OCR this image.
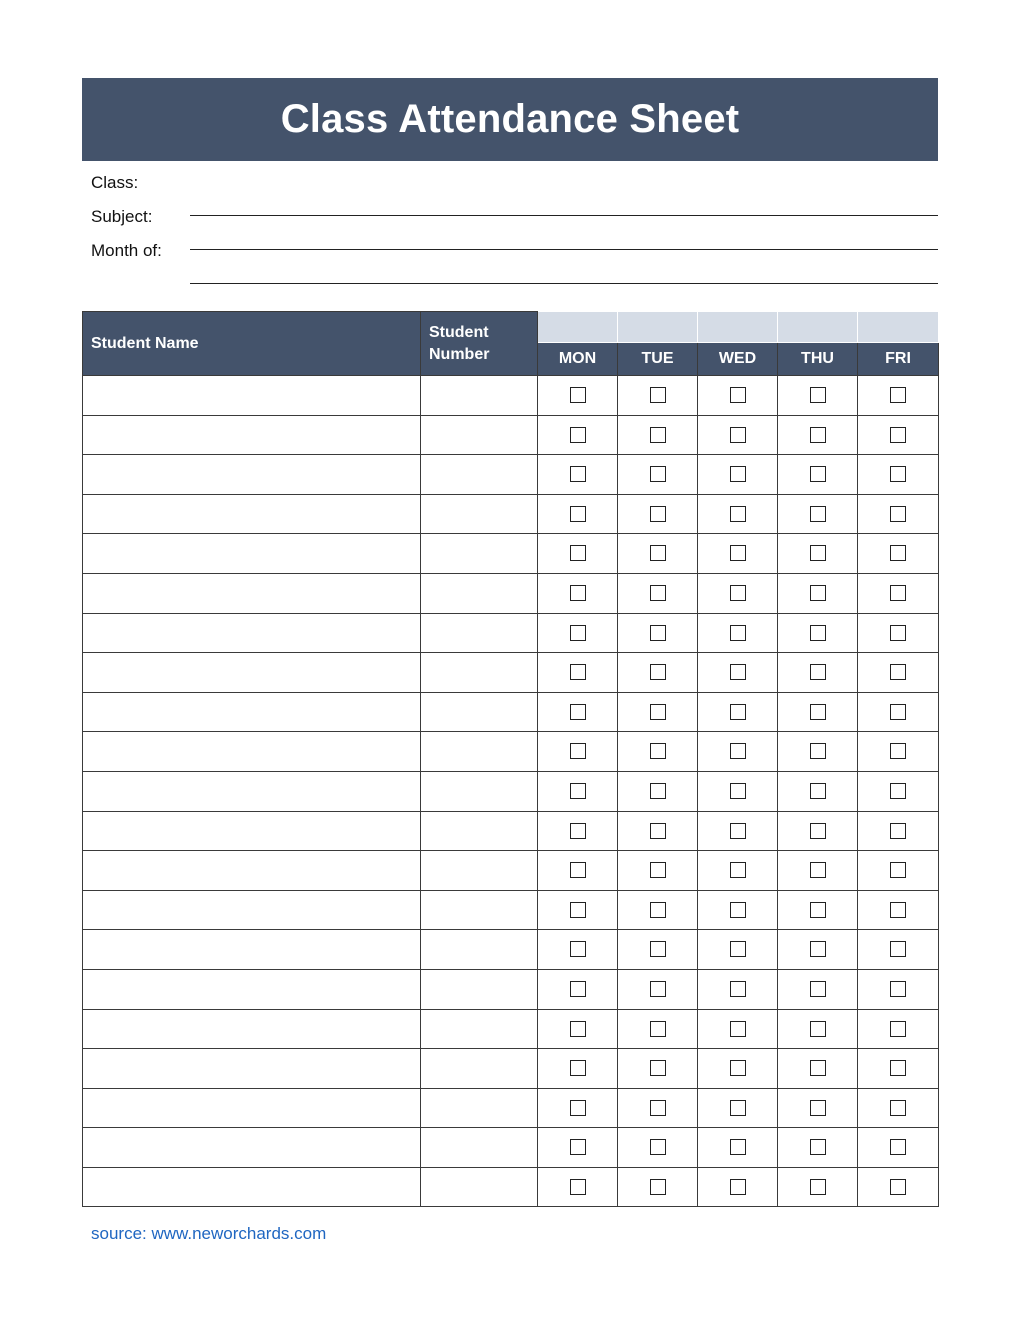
Class Attendance Sheet
Class:
Subject:
Month of:
Student Name	Student Number					
		MON	TUE	WED	THU	FRI

source: www.neworchards.com
